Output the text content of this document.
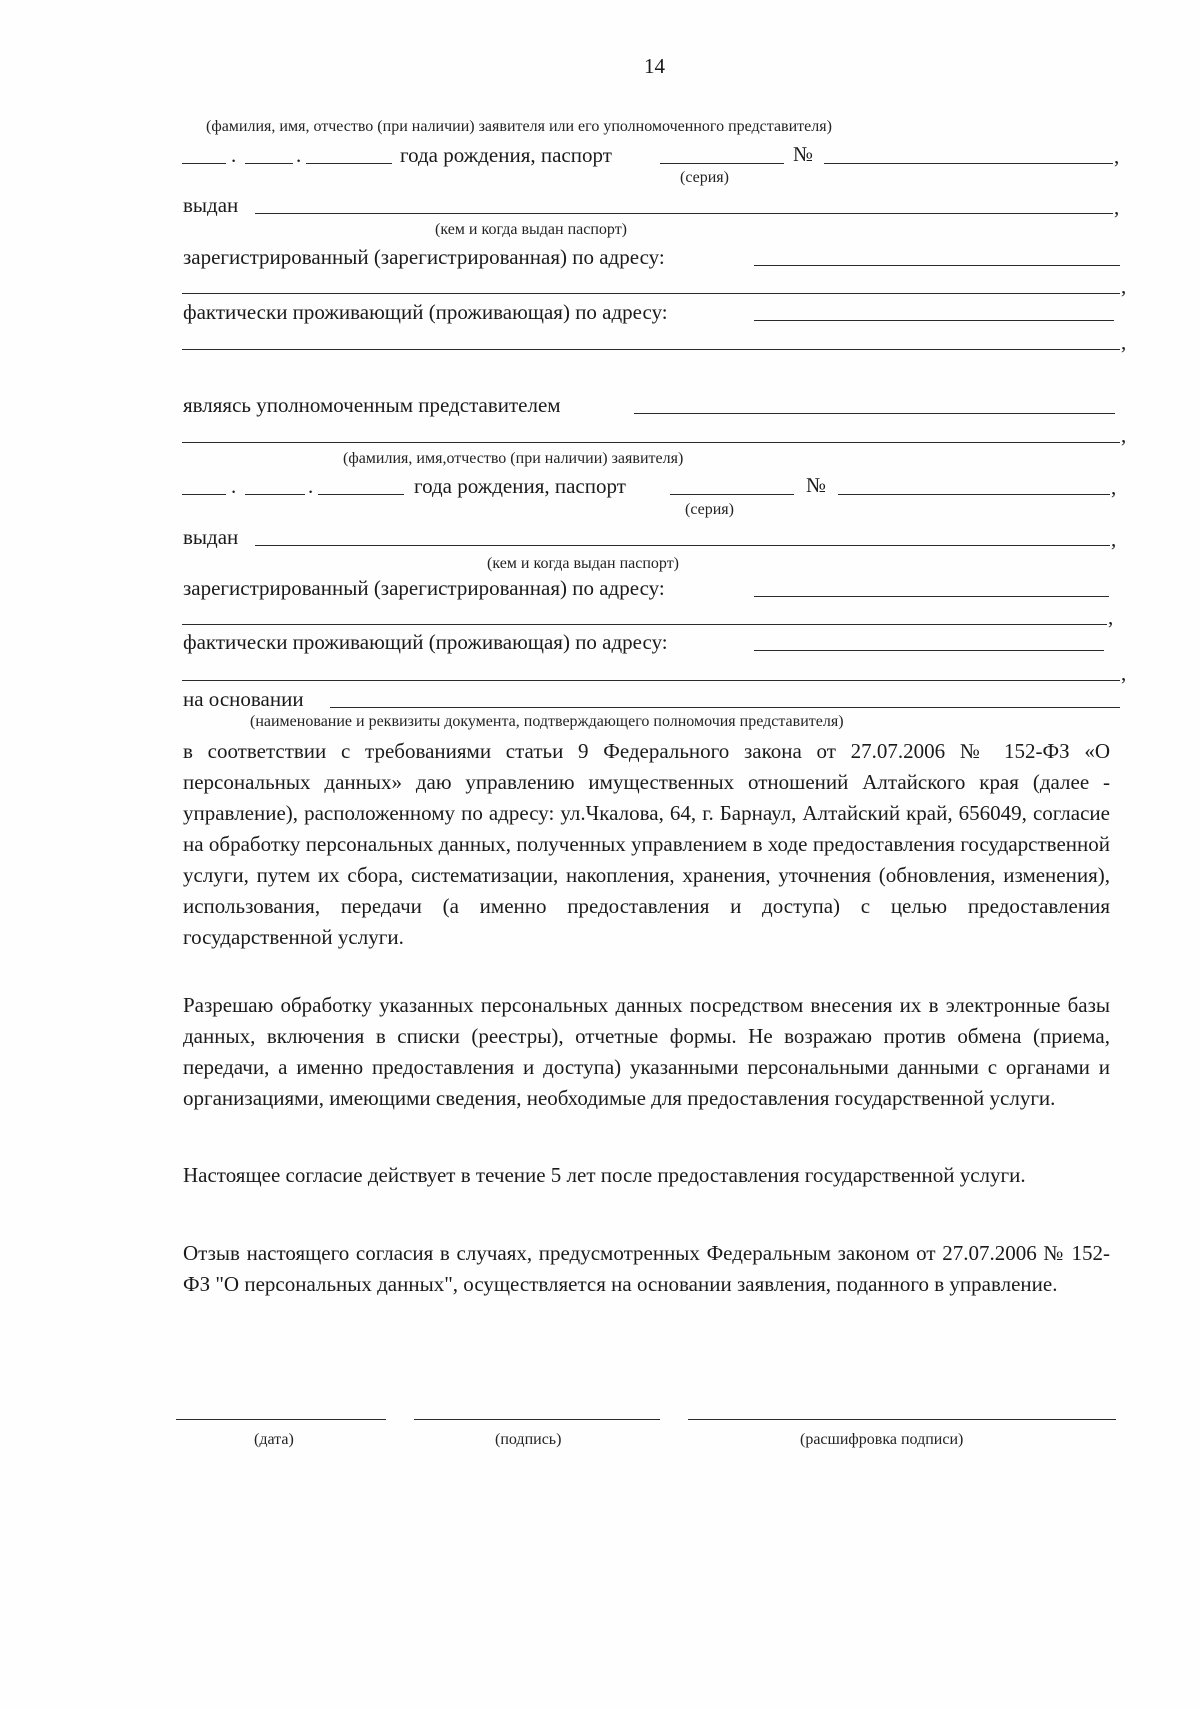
14
(фамилия, имя, отчество (при наличии) заявителя или его уполномоченного представителя)
.	.	года рождения, паспорт	№	,
(серия)
выдан	,
(кем и когда выдан паспорт)
зарегистрированный (зарегистрированная) по адресу:
,
фактически проживающий (проживающая) по адресу:
,
являясь уполномоченным представителем
,
(фамилия, имя,отчество (при наличии) заявителя)
.	.	года рождения, паспорт	№	,
(серия)
выдан	,
(кем и когда выдан паспорт)
зарегистрированный (зарегистрированная) по адресу:
,
фактически проживающий (проживающая) по адресу:
,
на основании
(наименование и реквизиты документа, подтверждающего полномочия представителя)
в соответствии с требованиями статьи 9 Федерального закона от 27.07.2006 № 152-ФЗ «О персональных данных» даю управлению имущественных отношений Алтайского края (далее - управление), расположенному по адресу: ул.Чкалова, 64, г. Барнаул, Алтайский край, 656049, согласие на обработку персональных данных, полученных управлением в ходе предоставления государственной услуги, путем их сбора, систематизации, накопления, хранения, уточнения (обновления, изменения), использования, передачи (а именно предоставления и доступа) с целью предоставления государственной услуги.
Разрешаю обработку указанных персональных данных посредством внесения их в электронные базы данных, включения в списки (реестры), отчетные формы. Не возражаю против обмена (приема, передачи, а именно предоставления и доступа) указанными персональными данными с органами и организациями, имеющими сведения, необходимые для предоставления государственной услуги.
Настоящее согласие действует в течение 5 лет после предоставления государственной услуги.
Отзыв настоящего согласия в случаях, предусмотренных Федеральным законом от 27.07.2006 № 152-ФЗ "О персональных данных", осуществляется на основании заявления, поданного в управление.
(дата)	(подпись)	(расшифровка подписи)
